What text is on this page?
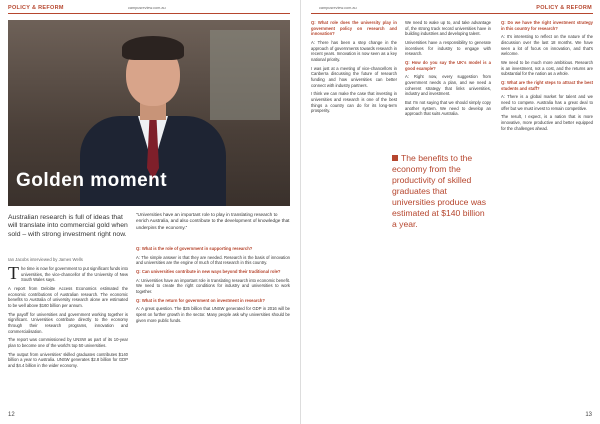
POLICY & REFORM	campusreview.com.au
Golden moment
Australian research is full of ideas that will translate into commercial gold when sold – with strong investment right now.
Ian Jacobs interviewed by James Wells
“Universities have an important role to play in translating research to enrich Australia, and also contribute to the development of knowledge that underpins the economy.”

The time is now for government to put significant funds into universities, the vice-chancellor of the University of New South Wales says.

A report from Deloitte Access Economics estimated the economic contributions of Australian research. The economic benefits to Australia of university research alone are estimated to be well above $160 billion per annum.

The payoff for universities and government working together is significant. Universities contribute directly to the economy through their research programs, innovation and commercialisation.

The report was commissioned by UNSW as part of its 10-year plan to become one of the world's top 50 universities.

The output from universities' skilled graduates contributes $140 billion a year to Australia. UNSW generates $2.8 billion for GDP and $4.4 billion in the wider economy.

Q: What is the role of government in supporting research?

A: The simple answer is that they are needed. Research is the basis of innovation and universities are the engine of much of that research in this country.

Q: Can universities contribute in new ways beyond their traditional role?

A: Universities have an important role in translating research into economic benefit. We need to create the right conditions for industry and universities to work together.

Q: What is the return for government on investment in research?

A: A great question. The $25 billion that UNSW generated for GDP in 2016 will be spent on further growth in the sector. Many people ask why universities should be given more public funds.

12
campusreview.com.au	POLICY & REFORM

Q: What role does the university play in government policy on research and innovation?

A: There has been a step change in the approach of governments towards research in recent years. Innovation is now seen as a key national priority.

I was just at a meeting of vice-chancellors in Canberra discussing the future of research funding and how universities can better connect with industry partners.

I think we can make the case that investing in universities and research is one of the best things a country can do for its long-term prosperity.

We need to wake up to, and take advantage of, the strong track record universities have in building industries and developing talent.

Universities have a responsibility to generate incentives for industry to engage with research.

Q: How do you say the UK's model is a good example?

A: Right now, every suggestion from government needs a plan, and we need a coherent strategy that links universities, industry and investment.

But I'm not saying that we should simply copy another system. We need to develop an approach that suits Australia.

Q: Do we have the right investment strategy in this country for research?

A: It's interesting to reflect on the nature of the discussion over the last 18 months. We have seen a lot of focus on innovation, and that's welcome.

We need to be much more ambitious. Research is an investment, not a cost, and the returns are substantial for the nation as a whole.

Q: What are the right steps to attract the best students and staff?

A: There is a global market for talent and we need to compete. Australia has a great deal to offer but we must invest to remain competitive.

The result, I expect, is a nation that is more innovative, more productive and better equipped for the challenges ahead.

13
The benefits to the economy from the productivity of skilled graduates that universities produce was estimated at $140 billion a year.
